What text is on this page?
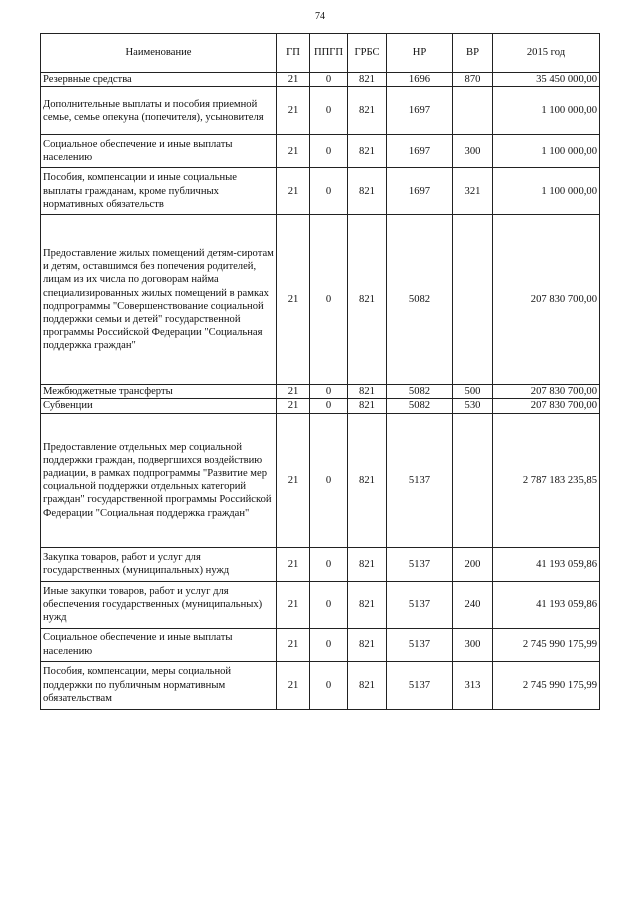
74
Наименование	ГП	ППГП	ГРБС	НР	ВР	2015 год
Резервные средства	21	0	821	1696	870	35 450 000,00
Дополнительные выплаты и пособия приемной семье, семье опекуна (попечителя), усыновителя	21	0	821	1697		1 100 000,00
Социальное обеспечение и иные выплаты населению	21	0	821	1697	300	1 100 000,00
Пособия, компенсации и иные социальные выплаты гражданам, кроме публичных нормативных обязательств	21	0	821	1697	321	1 100 000,00
Предоставление жилых помещений детям-сиротам и детям, оставшимся без попечения родителей, лицам из их числа по договорам найма специализированных жилых помещений в рамках подпрограммы "Совершенствование социальной поддержки семьи и детей" государственной программы Российской Федерации "Социальная поддержка граждан"	21	0	821	5082		207 830 700,00
Межбюджетные трансферты	21	0	821	5082	500	207 830 700,00
Субвенции	21	0	821	5082	530	207 830 700,00
Предоставление отдельных мер социальной поддержки граждан, подвергшихся воздействию радиации, в рамках подпрограммы "Развитие мер социальной поддержки отдельных категорий граждан" государственной программы Российской Федерации "Социальная поддержка граждан"	21	0	821	5137		2 787 183 235,85
Закупка товаров, работ и услуг для государственных (муниципальных) нужд	21	0	821	5137	200	41 193 059,86
Иные закупки товаров, работ и услуг для обеспечения государственных (муниципальных) нужд	21	0	821	5137	240	41 193 059,86
Социальное обеспечение и иные выплаты населению	21	0	821	5137	300	2 745 990 175,99
Пособия, компенсации, меры социальной поддержки по публичным нормативным обязательствам	21	0	821	5137	313	2 745 990 175,99
